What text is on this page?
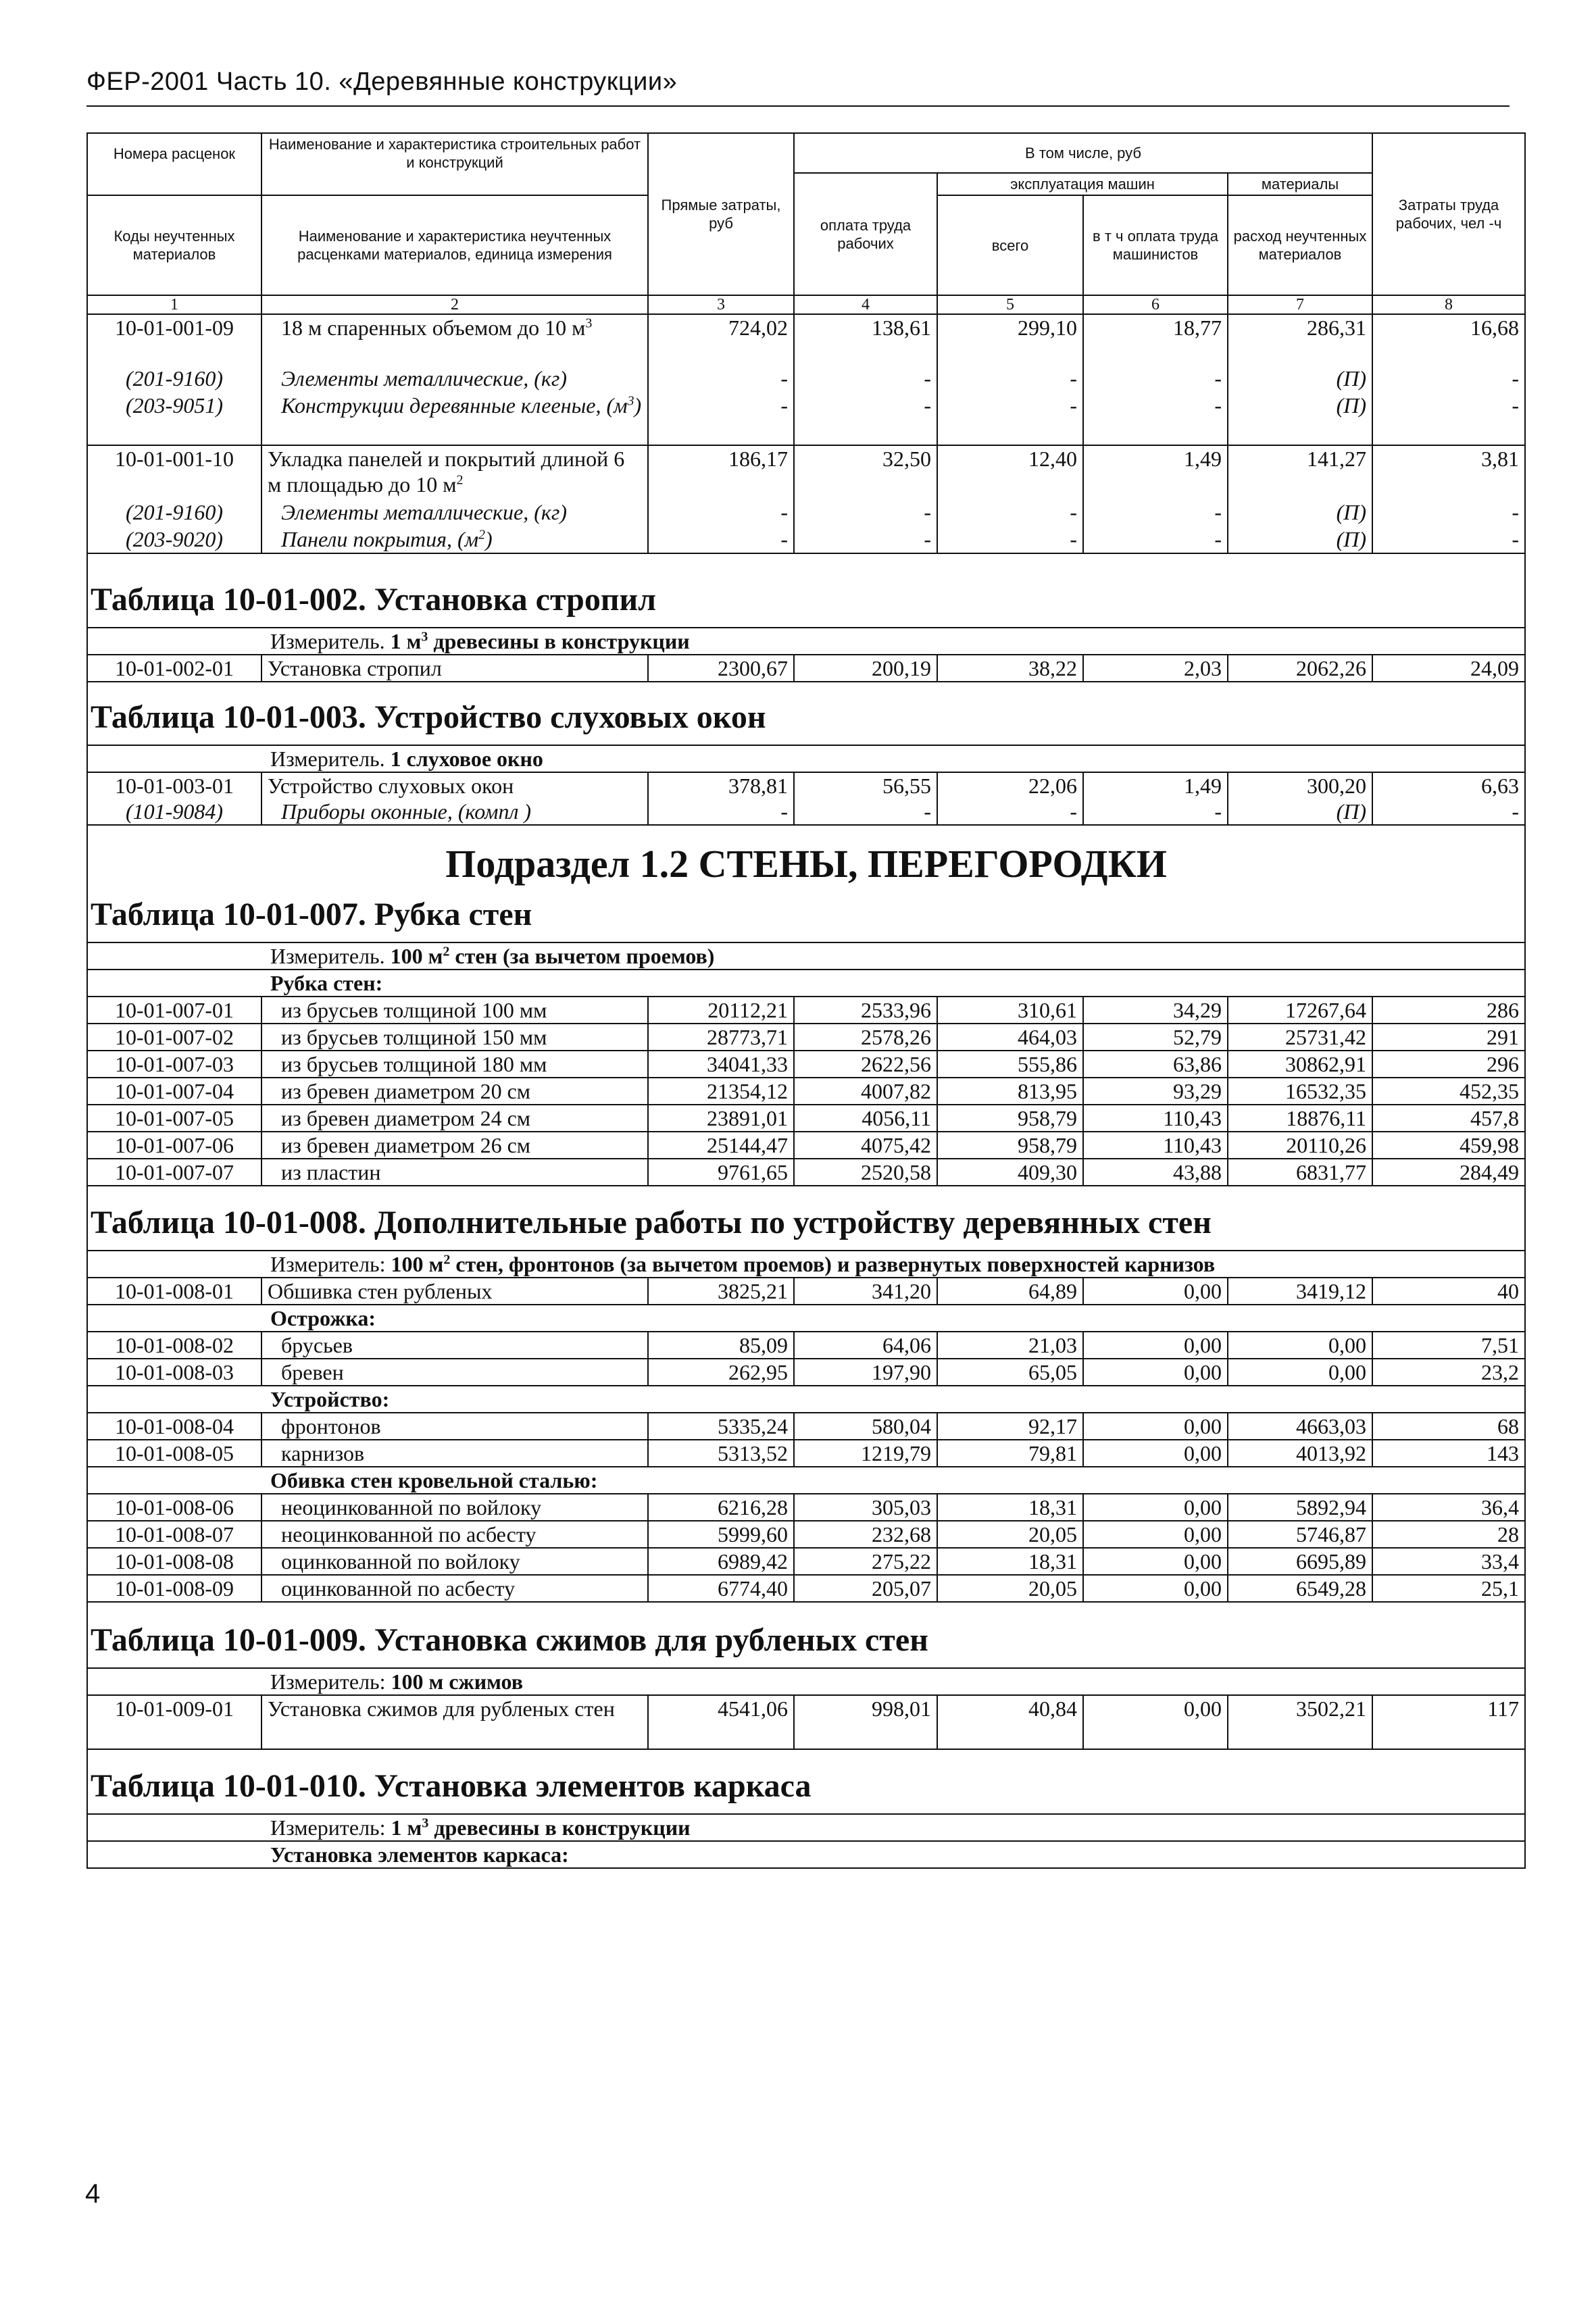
ФЕР-2001 Часть 10. «Деревянные конструкции»
Номера расценок	Наименование и характеристика строительных работ и конструкций	Прямые затраты, руб	В том числе, руб				Затраты труда рабочих, чел -ч
			оплата труда рабочих	эксплуатация машин		материалы	
Коды неучтенных материалов	Наименование и характеристика неучтенных расценками материалов, единица измерения			всего	в т ч оплата труда машинистов	расход неучтенных материалов	
1	2	3	4	5	6	7	8
10-01-001-09	18 м спаренных объемом до 10 $м^3$	724,02	138,61	299,10	18,77	286,31	16,68
(201-9160)	Элементы металлические, (кг)	-	-	-	-	(П)	-
(203-9051)	Конструкции деревянные клееные, $(м^3)$	-	-	-	-	(П)	-
10-01-001-10	Укладка панелей и покрытий длиной 6 м площадью до 10 $м^2$	186,17	32,50	12,40	1,49	141,27	3,81
(201-9160)	Элементы металлические, (кг)	-	-	-	-	(П)	-
(203-9020)	Панели покрытия, $(м^2)$	-	-	-	-	(П)	-
Таблица 10-01-002. Установка стропил							
Измеритель. 1 $м^3$ древесины в конструкции							
10-01-002-01	Установка стропил	2300,67	200,19	38,22	2,03	2062,26	24,09
Таблица 10-01-003. Устройство слуховых окон							
Измеритель. 1 слуховое окно							
10-01-003-01	Устройство слуховых окон	378,81	56,55	22,06	1,49	300,20	6,63
(101-9084)	Приборы оконные, (компл )	-	-	-	-	(П)	-
Подраздел 1.2 СТЕНЫ, ПЕРЕГОРОДКИ							
Таблица 10-01-007. Рубка стен							
Измеритель. 100 $м^2$ стен (за вычетом проемов)							
Рубка стен:							
10-01-007-01	из брусьев толщиной 100 мм	20112,21	2533,96	310,61	34,29	17267,64	286
10-01-007-02	из брусьев толщиной 150 мм	28773,71	2578,26	464,03	52,79	25731,42	291
10-01-007-03	из брусьев толщиной 180 мм	34041,33	2622,56	555,86	63,86	30862,91	296
10-01-007-04	из бревен диаметром 20 см	21354,12	4007,82	813,95	93,29	16532,35	452,35
10-01-007-05	из бревен диаметром 24 см	23891,01	4056,11	958,79	110,43	18876,11	457,8
10-01-007-06	из бревен диаметром 26 см	25144,47	4075,42	958,79	110,43	20110,26	459,98
10-01-007-07	из пластин	9761,65	2520,58	409,30	43,88	6831,77	284,49
Таблица 10-01-008. Дополнительные работы по устройству деревянных стен							
Измеритель: 100 $м^2$ стен, фронтонов (за вычетом проемов) и развернутых поверхностей карнизов							
10-01-008-01	Обшивка стен рубленых	3825,21	341,20	64,89	0,00	3419,12	40
Острожка:							
10-01-008-02	брусьев	85,09	64,06	21,03	0,00	0,00	7,51
10-01-008-03	бревен	262,95	197,90	65,05	0,00	0,00	23,2
Устройство:							
10-01-008-04	фронтонов	5335,24	580,04	92,17	0,00	4663,03	68
10-01-008-05	карнизов	5313,52	1219,79	79,81	0,00	4013,92	143
Обивка стен кровельной сталью:							
10-01-008-06	неоцинкованной по войлоку	6216,28	305,03	18,31	0,00	5892,94	36,4
10-01-008-07	неоцинкованной по асбесту	5999,60	232,68	20,05	0,00	5746,87	28
10-01-008-08	оцинкованной по войлоку	6989,42	275,22	18,31	0,00	6695,89	33,4
10-01-008-09	оцинкованной по асбесту	6774,40	205,07	20,05	0,00	6549,28	25,1
Таблица 10-01-009. Установка сжимов для рубленых стен							
Измеритель: 100 м сжимов							
10-01-009-01	Установка сжимов для рубленых стен	4541,06	998,01	40,84	0,00	3502,21	117
Таблица 10-01-010. Установка элементов каркаса							
Измеритель: 1 $м^3$ древесины в конструкции							
Установка элементов каркаса:							
4
